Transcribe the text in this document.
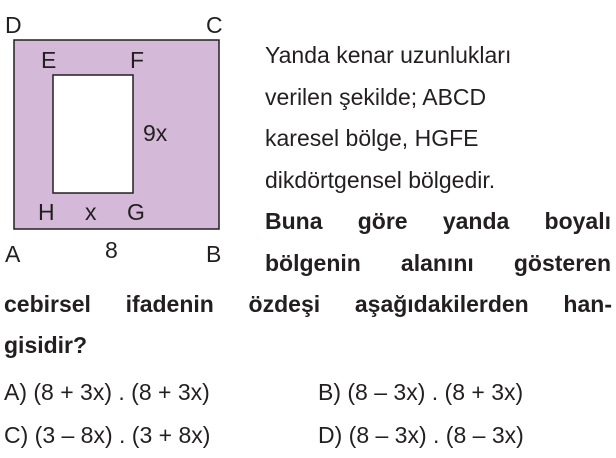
D	C
A	B
E	F
H	G
x
9x
8
Yanda kenar uzunlukları
verilen şekilde; ABCD
karesel bölge, HGFE
dikdörtgensel bölgedir.
Buna göre yanda boyalı
bölgenin alanını gösteren
cebirsel ifadenin özdeşi aşağıdakilerden han-
gisidir?
A) (8 + 3x) . (8 + 3x)	B) (8 – 3x) . (8 + 3x)
C) (3 – 8x) . (3 + 8x)	D) (8 – 3x) . (8 – 3x)
